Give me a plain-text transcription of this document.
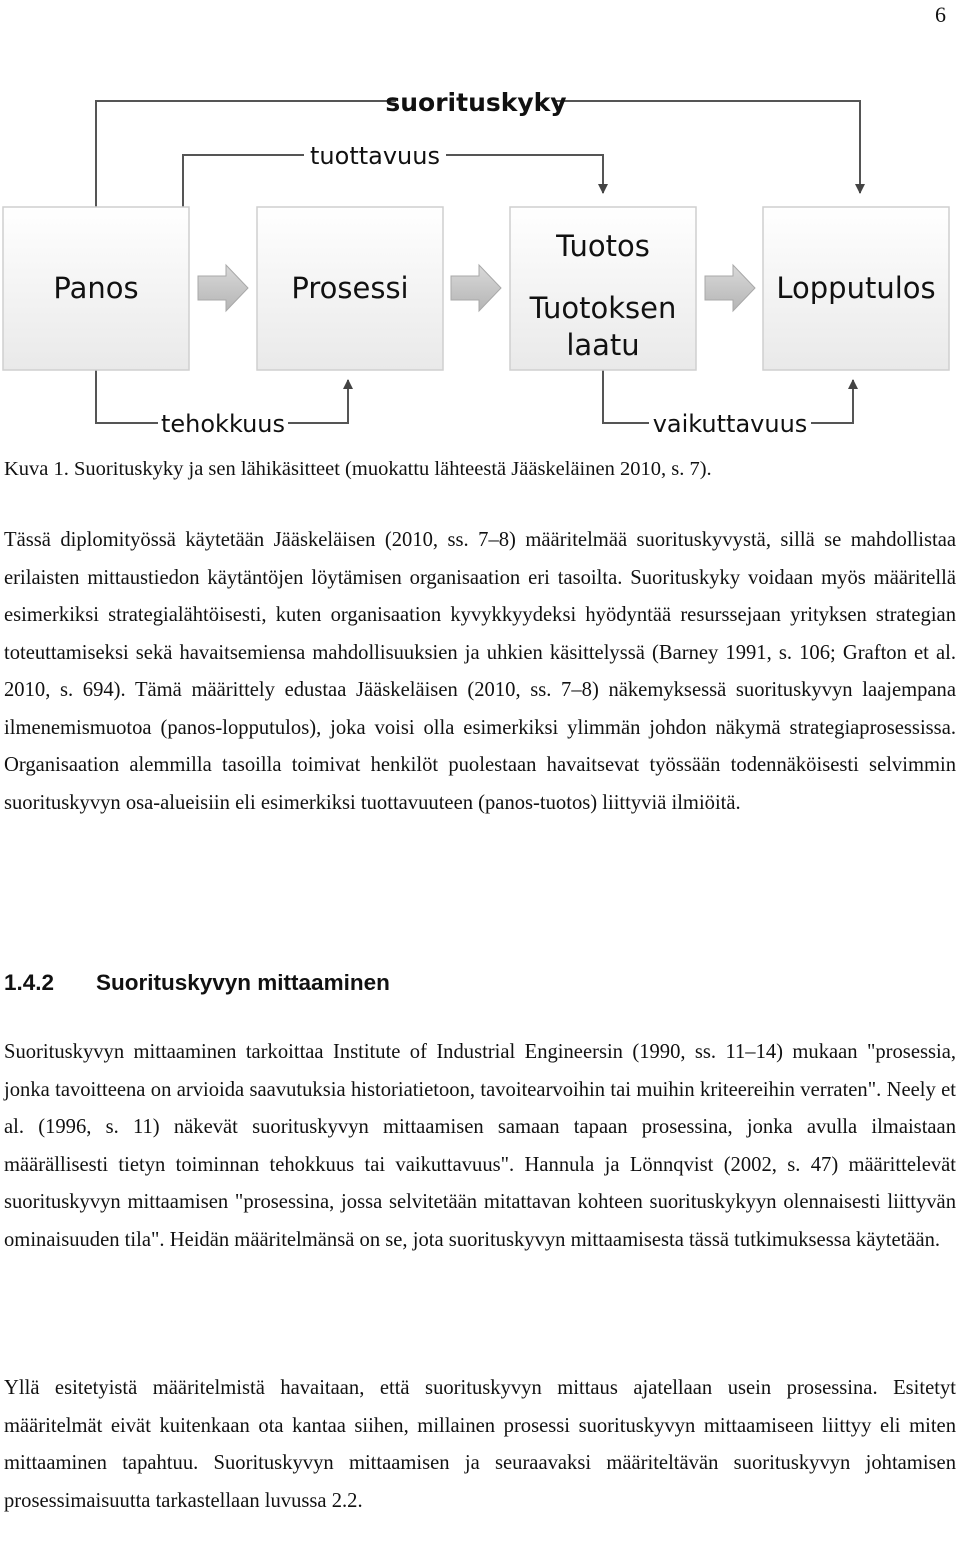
6
suorituskyky
tuottavuus
tehokkuus	vaikuttavuus
Panos	Prosessi
Tuotos
Tuotoksen
laatu
Lopputulos

Kuva 1. Suorituskyky ja sen lähikäsitteet (muokattu lähteestä Jääskeläinen 2010, s. 7).

Tässä diplomityössä käytetään Jääskeläisen (2010, ss. 7–8) määritelmää suorituskyvystä, sillä se mahdollistaa erilaisten mittaustiedon käytäntöjen löytämisen organisaation eri tasoilta. Suorituskyky voidaan myös määritellä esimerkiksi strategialähtöisesti, kuten organisaation kyvykkyydeksi hyödyntää resurssejaan yrityksen strategian toteuttamiseksi sekä havaitsemiensa mahdollisuuksien ja uhkien käsittelyssä (Barney 1991, s. 106; Grafton et al. 2010, s. 694). Tämä määrittely edustaa Jääskeläisen (2010, ss. 7–8) näkemyksessä suorituskyvyn laajempana ilmenemismuotoa (panos-lopputulos), joka voisi olla esimerkiksi ylimmän johdon näkymä strategiaprosessissa. Organisaation alemmilla tasoilla toimivat henkilöt puolestaan havaitsevat työssään todennäköisesti selvimmin suorituskyvyn osa-alueisiin eli esimerkiksi tuottavuuteen (panos-tuotos) liittyviä ilmiöitä.

1.4.2 Suorituskyvyn mittaaminen

Suorituskyvyn mittaaminen tarkoittaa Institute of Industrial Engineersin (1990, ss. 11–14) mukaan "prosessia, jonka tavoitteena on arvioida saavutuksia historiatietoon, tavoitearvoihin tai muihin kriteereihin verraten". Neely et al. (1996, s. 11) näkevät suorituskyvyn mittaamisen samaan tapaan prosessina, jonka avulla ilmaistaan määrällisesti tietyn toiminnan tehokkuus tai vaikuttavuus". Hannula ja Lönnqvist (2002, s. 47) määrittelevät suorituskyvyn mittaamisen "prosessina, jossa selvitetään mitattavan kohteen suorituskykyyn olennaisesti liittyvän ominaisuuden tila". Heidän määritelmänsä on se, jota suorituskyvyn mittaamisesta tässä tutkimuksessa käytetään.

Yllä esitetyistä määritelmistä havaitaan, että suorituskyvyn mittaus ajatellaan usein prosessina. Esitetyt määritelmät eivät kuitenkaan ota kantaa siihen, millainen prosessi suorituskyvyn mittaamiseen liittyy eli miten mittaaminen tapahtuu. Suorituskyvyn mittaamisen ja seuraavaksi määriteltävän suorituskyvyn johtamisen prosessimaisuutta tarkastellaan luvussa 2.2.
